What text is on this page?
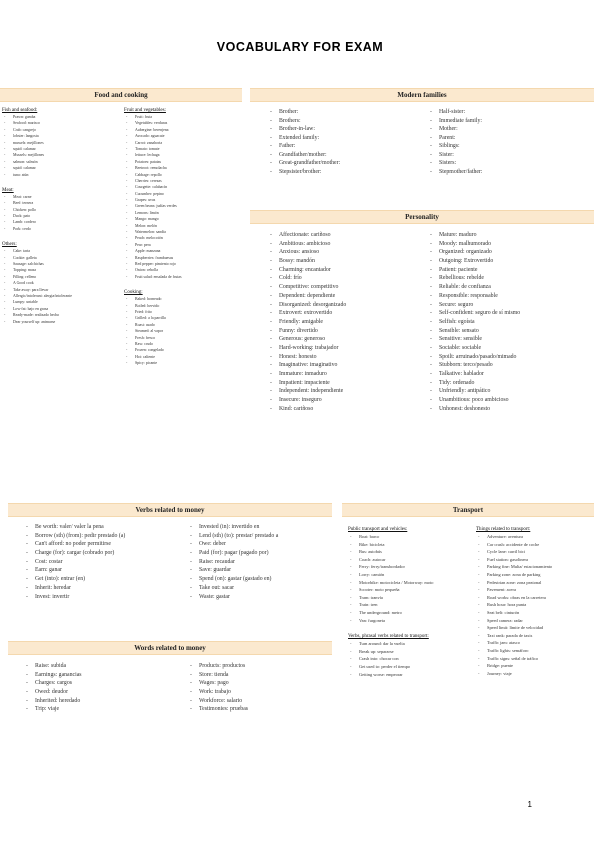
VOCABULARY FOR EXAM
Food and cooking
Fish and seafood:
- Prawn: gamba
- Seafood: marisco
- Crab: cangrejo
- lobster: langosta
- mussels: mejillones
- squid: calamar
- Mussels: mejillones
- salmon: salmón
- squid: calamar
- tuna: atún
Meat:
- Meat: carne
- Beef: ternera
- Chicken: pollo
- Duck: pato
- Lamb: cordero
- Pork: cerdo
Others:
- Cake: tarta
- Cookie: galleta
- Sausage: salchichas
- Topping: masa
- Filling: relleno
- A Good cook
- Take away: para llevar
- Allergic/intolerant: alergia/intolerante
- Lumpy: untable
- Low-fat: bajo en grasa
- Ready-made: realizado hecho
- Dear yourself up: animarse
Fruit and vegetables:
- Fruit: fruta
- Vegetables: verduras
- Aubergine: berenjena
- Avocado: aguacate
- Carrot: zanahoria
- Tomato: tomate
- lettuce: lechuga
- Potatoes: patatas
- Beetroot: remolacha
- Cabbage: repollo
- Cherries: cerezas
- Courgette: calabacín
- Cucumber: pepino
- Grapes: uvas
- Green beans: judías verdes
- Lemons: limón
- Mango: mango
- Melon: melón
- Watermelon: sandía
- Peach: melocotón
- Pear: pera
- Apple: manzana
- Raspberries: frambuesas
- Red pepper: pimiento rojo
- Onion: cebolla
- Fruit salad: ensalada de frutas
Cooking:
- Baked: horneado
- Boiled: hervido
- Fried: frito
- Grilled: a la parrilla
- Roast: asado
- Steamed: al vapor
- Fresh: fresco
- Raw: crudo
- Frozen: congelado
- Hot: caliente
- Spicy: picante
Modern families
- Brother:
- Brothers:
- Brother-in-law:
- Extended family:
- Father:
- Grandfather/mother:
- Great-grandfather/mother:
- Stepsister/brother:
- Half-sister:
- Immediate family:
- Mother:
- Parent:
- Siblings:
- Sister:
- Sisters:
- Stepmother/father:
Personality
- Affectionate: cariñoso
- Ambitious: ambicioso
- Anxious: ansioso
- Bossy: mandón
- Charming: encantador
- Cold: frío
- Competitive: competitivo
- Dependent: dependiente
- Disorganized: desorganizado
- Extrovert: extrovertido
- Friendly: amigable
- Funny: divertido
- Generous: generoso
- Hard-working: trabajador
- Honest: honesto
- Imaginative: imaginativo
- Immature: inmaduro
- Impatient: impaciente
- Independent: independiente
- Insecure: inseguro
- Kind: cariñoso
- Mature: maduro
- Moody: malhumorado
- Organized: organizado
- Outgoing: Extrovertido
- Patient: paciente
- Rebellious: rebelde
- Reliable: de confianza
- Responsible: responsable
- Secure: seguro
- Self-confident: seguro de sí mismo
- Selfish: egoísta
- Sensible: sensato
- Sensitive: sensible
- Sociable: sociable
- Spoilt: arruinado/pasado/mimado
- Stubborn: terco/pesado
- Talkative: hablador
- Tidy: ordenado
- Unfriendly: antipático
- Unambitious: poco ambicioso
- Unhonest: deshonesto
Verbs related to money
- Be worth: valer/ valer la pena
- Borrow (sth) (from): pedir prestado (a)
- Can't afford: no poder permitirse
- Charge (for): cargar (cobrado por)
- Cost: costar
- Earn: ganar
- Get (into): entrar (en)
- Inherit: heredar
- Invest: invertir
- Invested (in): invertido en
- Lend (sth) (to): prestar/ prestado a
- Owe: deber
- Paid (for): pagar (pagado por)
- Raise: recaudar
- Save: guardar
- Spend (on): gastar (gastado en)
- Take out: sacar
- Waste: gastar
Words related to money
- Raise: subida
- Earnings: ganancias
- Charges: cargos
- Owed: deudor
- Inherited: heredado
- Trip: viaje
- Products: productos
- Store: tienda
- Wages: pago
- Work: trabajo
- Workforce: salario
- Testimonies: pruebas
Transport
Public transport and vehicles:
- Boat: barco
- Bike: bicicleta
- Bus: autobús
- Coach: autocar
- Ferry: ferry/transbordador
- Lorry: camión
- Motorbike: motocicleta / Motorway: moto
- Scooter: moto pequeña
- Tram: tranvía
- Train: tren
- The underground: metro
- Van: furgoneta
Verbs, phrasal verbs related to transport:
- Turn around: dar la vuelta
- Break up: separarse
- Crash into: chocar con
- Get used to: perder el tiempo
- Getting worse: empeorar
Things related to transport:
- Adventure: aventura
- Car crash: accidente de coche
- Cycle lane: carril bici
- Fuel station: gasolinera
- Parking fine: Multa/ estacionamiento
- Parking zone: zona de parking
- Pedestrian zone: zona peatonal
- Pavement: acera
- Road works: obras en la carretera
- Rush hour: hora punta
- Seat belt: cinturón
- Speed camera: radar
- Speed limit: límite de velocidad
- Taxi rank: parada de taxis
- Traffic jam: atasco
- Traffic lights: semáforo
- Traffic signs: señal de tráfico
- Bridge: puente
- Journey: viaje
1
